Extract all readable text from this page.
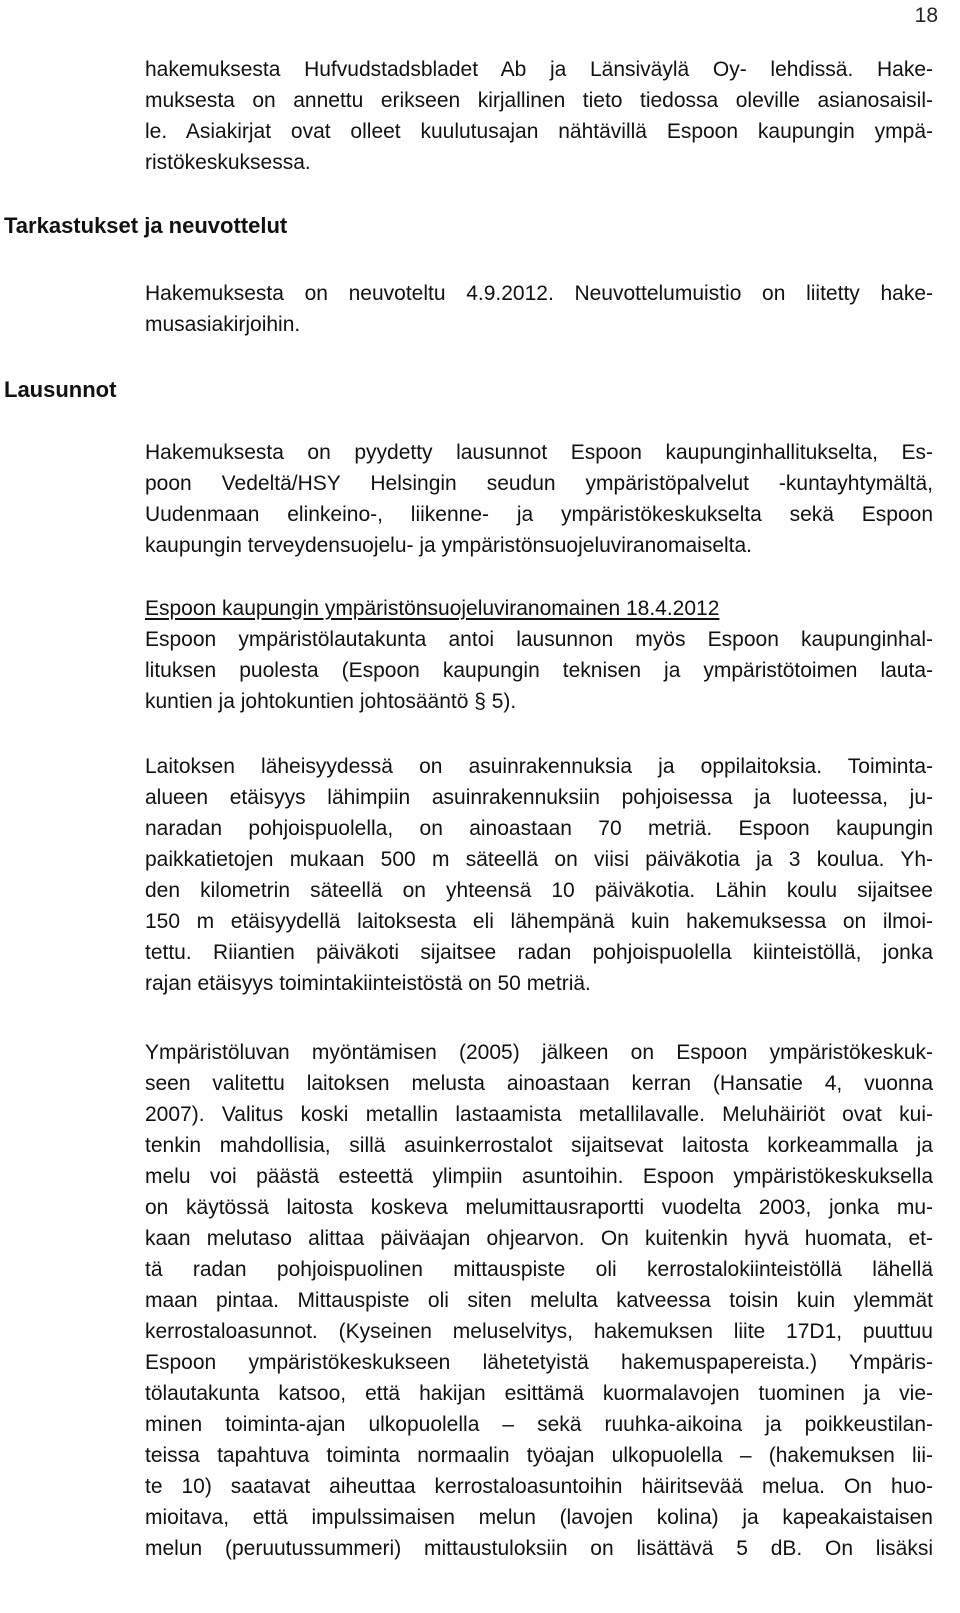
18
hakemuksesta Hufvudstadsbladet Ab ja Länsiväylä Oy- lehdissä. Hake-
muksesta on annettu erikseen kirjallinen tieto tiedossa oleville asianosaisil-
le. Asiakirjat ovat olleet kuulutusajan nähtävillä Espoon kaupungin ympä-
ristökeskuksessa.
Tarkastukset ja neuvottelut
Hakemuksesta on neuvoteltu 4.9.2012. Neuvottelumuistio on liitetty hake-
musasiakirjoihin.
Lausunnot
Hakemuksesta on pyydetty lausunnot Espoon kaupunginhallitukselta, Es-
poon Vedeltä/HSY Helsingin seudun ympäristöpalvelut -kuntayhtymältä,
Uudenmaan elinkeino-, liikenne- ja ympäristökeskukselta sekä Espoon
kaupungin terveydensuojelu- ja ympäristönsuojeluviranomaiselta.
Espoon kaupungin ympäristönsuojeluviranomainen 18.4.2012
Espoon ympäristölautakunta antoi lausunnon myös Espoon kaupunginhal-
lituksen puolesta (Espoon kaupungin teknisen ja ympäristötoimen lauta-
kuntien ja johtokuntien johtosääntö § 5).
Laitoksen läheisyydessä on asuinrakennuksia ja oppilaitoksia. Toiminta-
alueen etäisyys lähimpiin asuinrakennuksiin pohjoisessa ja luoteessa, ju-
naradan pohjoispuolella, on ainoastaan 70 metriä. Espoon kaupungin
paikkatietojen mukaan 500 m säteellä on viisi päiväkotia ja 3 koulua. Yh-
den kilometrin säteellä on yhteensä 10 päiväkotia. Lähin koulu sijaitsee
150 m etäisyydellä laitoksesta eli lähempänä kuin hakemuksessa on ilmoi-
tettu. Riiantien päiväkoti sijaitsee radan pohjoispuolella kiinteistöllä, jonka
rajan etäisyys toimintakiinteistöstä on 50 metriä.
Ympäristöluvan myöntämisen (2005) jälkeen on Espoon ympäristökeskuk-
seen valitettu laitoksen melusta ainoastaan kerran (Hansatie 4, vuonna
2007). Valitus koski metallin lastaamista metallilavalle. Meluhäiriöt ovat kui-
tenkin mahdollisia, sillä asuinkerrostalot sijaitsevat laitosta korkeammalla ja
melu voi päästä esteettä ylimpiin asuntoihin. Espoon ympäristökeskuksella
on käytössä laitosta koskeva melumittausraportti vuodelta 2003, jonka mu-
kaan melutaso alittaa päiväajan ohjearvon. On kuitenkin hyvä huomata, et-
tä radan pohjoispuolinen mittauspiste oli kerrostalokiinteistöllä lähellä
maan pintaa. Mittauspiste oli siten melulta katveessa toisin kuin ylemmät
kerrostaloasunnot. (Kyseinen meluselvitys, hakemuksen liite 17D1, puuttuu
Espoon ympäristökeskukseen lähetetyistä hakemuspapereista.) Ympäris-
tölautakunta katsoo, että hakijan esittämä kuormalavojen tuominen ja vie-
minen toiminta-ajan ulkopuolella – sekä ruuhka-aikoina ja poikkeustilan-
teissa tapahtuva toiminta normaalin työajan ulkopuolella – (hakemuksen lii-
te 10) saatavat aiheuttaa kerrostaloasuntoihin häiritsevää melua. On huo-
mioitava, että impulssimaisen melun (lavojen kolina) ja kapeakaistaisen
melun (peruutussummeri) mittaustuloksiin on lisättävä 5 dB. On lisäksi
